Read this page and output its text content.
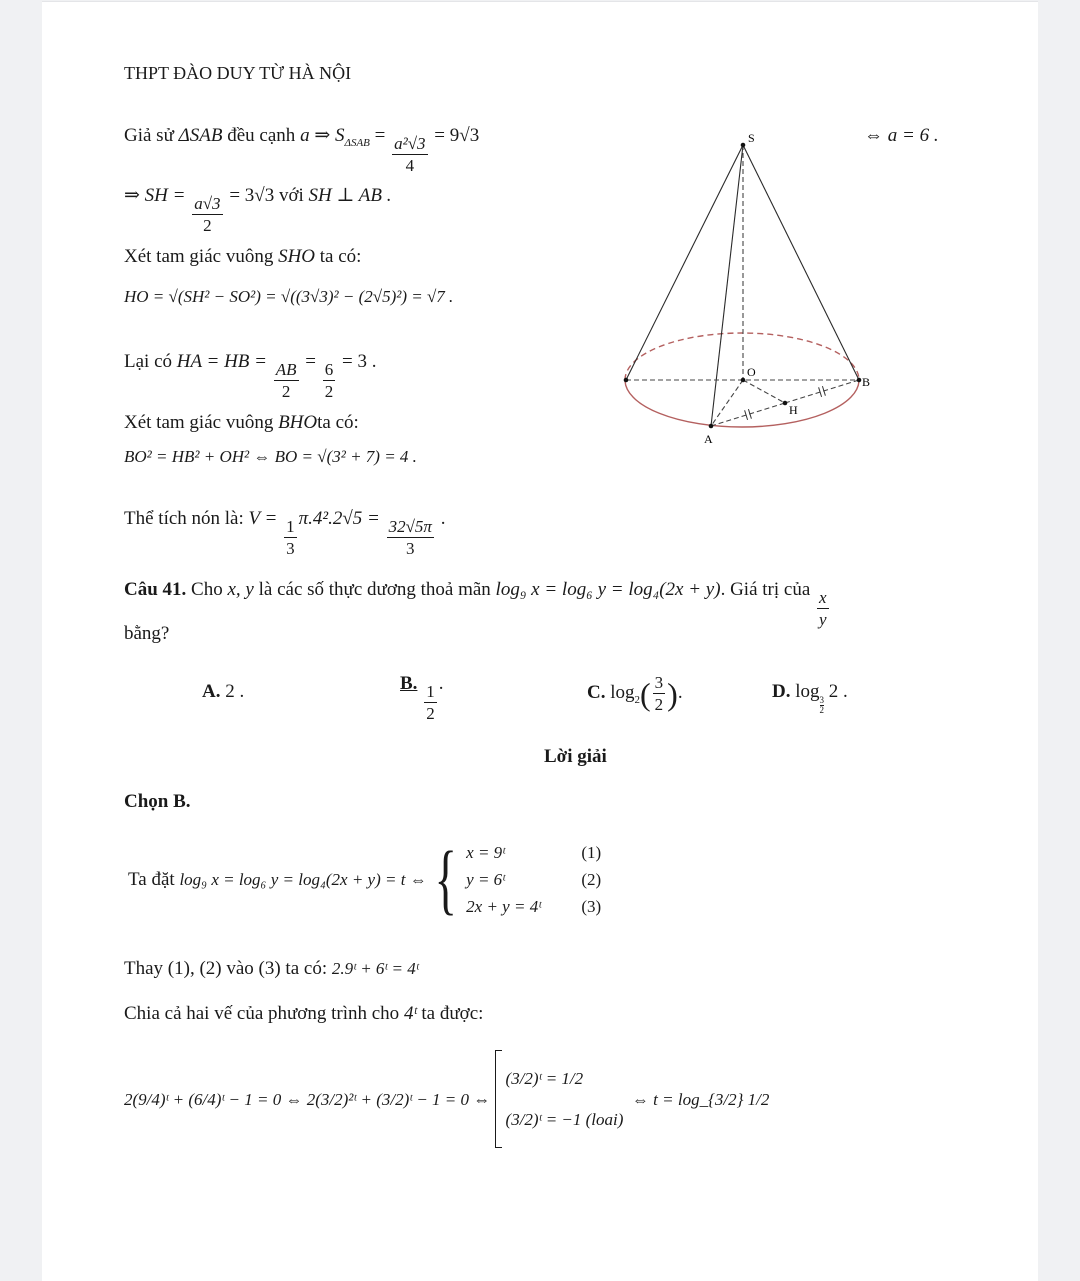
THPT ĐÀO DUY TỪ HÀ NỘI
Giả sử ΔSAB đều cạnh a ⇒ $S_{\Delta SAB} = \frac{\text{a²√3}}{4} = 9√3$	⇔ a = 6 .
⇒ SH = $\frac{a√3}{2} = 3√3$ với SH ⊥ AB .
Xét tam giác vuông SHO ta có:
HO = √(SH² − SO²) = √((3√3)² − (2√5)²) = √7 .
Lại có HA = HB = $\frac{AB}{2} = \frac{6}{2} = 3$ .
Xét tam giác vuông BHOta có:
BO² = HB² + OH² ⇔ BO = √(3² + 7) = 4 .
Thể tích nón là: $V = \frac{1}{3} \pi.4^2.2√5 = \frac{32√5\pi}{3}$ .
S
O
B
A
H
Câu 41. Cho x, y là các số thực dương thoả mãn log₉ x = log₆ y = log₄(2x + y). Giá trị của $\frac{x}{y}$
bằng?
A. 2 .	B. $\frac{1}{2}$ .	C. $\log_2( \frac{3}{2}$ ).	D. log
$\frac{3}{2}$
2 .
Lời giải
Chọn B.
Ta đặt
log₉ x = log₆ y = log₄(2x + y) = t ⇔ { x = 9ᵗ	(1)
y = 6ᵗ	(2)
2x + y = 4ᵗ (3)
Thay (1), (2) vào (3) ta có: 2.9ᵗ + 6ᵗ = 4ᵗ
Chia cả hai vế của phương trình cho 4ᵗ ta được:
2(9/4)ᵗ + (6/4)ᵗ − 1 = 0
⇔ 2(3/2)²ᵗ + (3/2)ᵗ − 1 = 0 ⇔
(3/2)ᵗ = 1/2
(3/2)ᵗ = −1 (loai)

⇔ t = log_{3/2} 1/2
